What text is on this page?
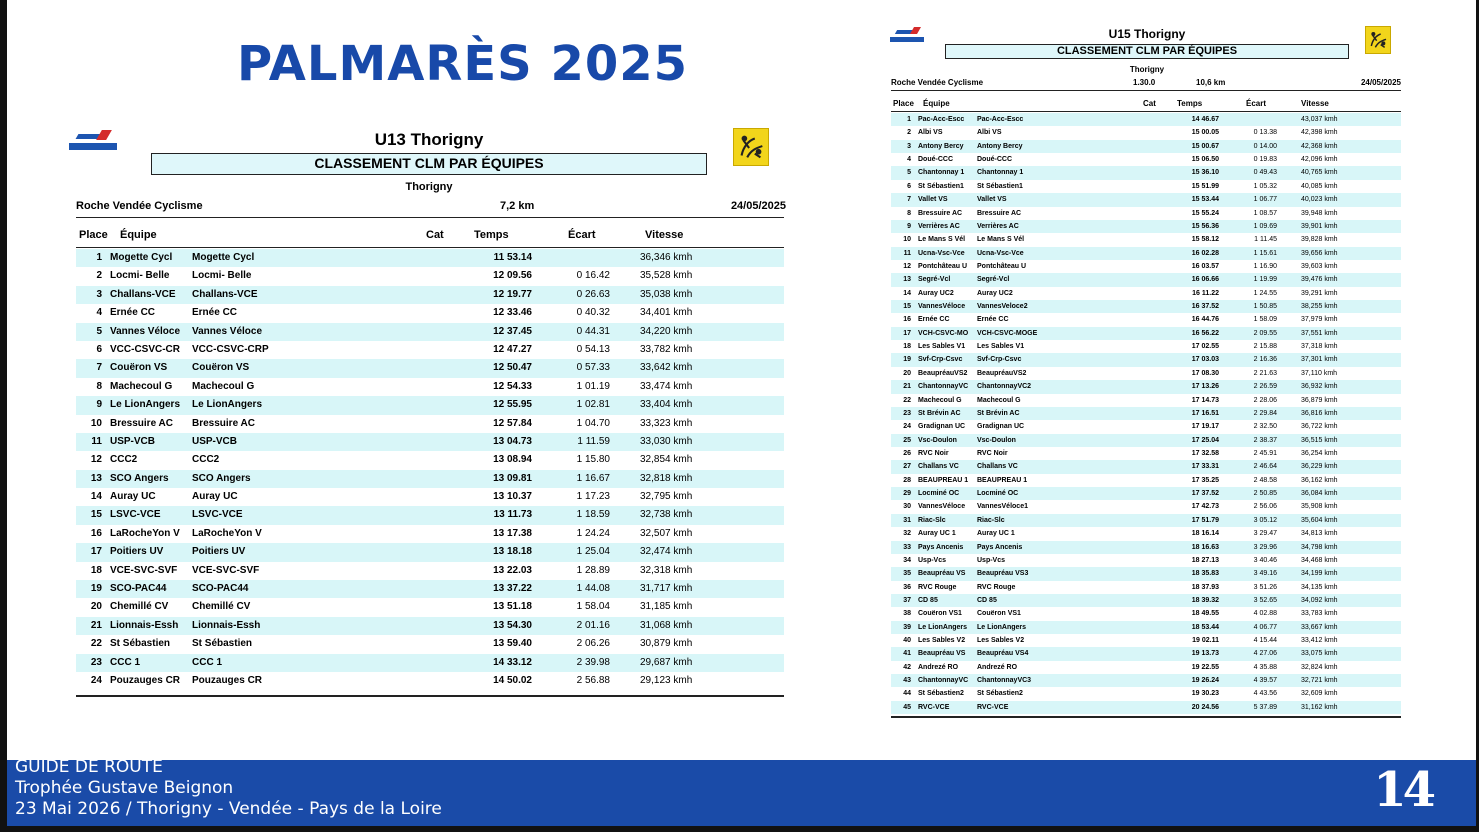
PALMARÈS 2025
U13 Thorigny
CLASSEMENT CLM PAR ÉQUIPES
Thorigny
Roche Vendée Cyclisme	7,2 km	24/05/2025
Place Équipe	Cat	Temps	Écart	Vitesse
1 Mogette Cycl Mogette Cycl	11 53.14	36,346 kmh
2 Locmi- Belle Locmi- Belle	12 09.56	0 16.42	35,528 kmh
3 Challans-VCE Challans-VCE	12 19.77	0 26.63	35,038 kmh
4 Ernée CC	Ernée CC	12 33.46	0 40.32	34,401 kmh
5 Vannes Véloce Vannes Véloce	12 37.45	0 44.31	34,220 kmh
6 VCC-CSVC-CR VCC-CSVC-CRP	12 47.27	0 54.13	33,782 kmh
7 Couëron VS Couëron VS	12 50.47	0 57.33	33,642 kmh
8 Machecoul G Machecoul G	12 54.33	1 01.19	33,474 kmh
9 Le LionAngers Le LionAngers	12 55.95	1 02.81	33,404 kmh
10 Bressuire AC Bressuire AC	12 57.84	1 04.70	33,323 kmh
11 USP-VCB	USP-VCB	13 04.73	1 11.59	33,030 kmh
12 CCC2	CCC2	13 08.94	1 15.80	32,854 kmh
13 SCO Angers SCO Angers	13 09.81	1 16.67	32,818 kmh
14 Auray UC	Auray UC	13 10.37	1 17.23	32,795 kmh
15 LSVC-VCE	LSVC-VCE	13 11.73	1 18.59	32,738 kmh
16 LaRocheYon V LaRocheYon V	13 17.38	1 24.24	32,507 kmh
17 Poitiers UV	Poitiers UV	13 18.18	1 25.04	32,474 kmh
18 VCE-SVC-SVF VCE-SVC-SVF	13 22.03	1 28.89	32,318 kmh
19 SCO-PAC44	SCO-PAC44	13 37.22	1 44.08	31,717 kmh
20 Chemillé CV Chemillé CV	13 51.18	1 58.04	31,185 kmh
21 Lionnais-Essh Lionnais-Essh	13 54.30	2 01.16	31,068 kmh
22 St Sébastien St Sébastien	13 59.40	2 06.26	30,879 kmh
23 CCC 1	CCC 1	14 33.12	2 39.98	29,687 kmh
24 Pouzauges CR Pouzauges CR	14 50.02	2 56.88	29,123 kmh
U15 Thorigny
CLASSEMENT CLM PAR ÉQUIPES
Thorigny
Roche Vendée Cyclisme	1.30.0	10,6 km	24/05/2025
Place Équipe	Cat	Temps	Écart	Vitesse
1 Pac-Acc-Escc Pac-Acc-Escc	14 46.67	43,037 kmh
2 Albi VS	Albi VS	15 00.05	0 13.38	42,398 kmh
3 Antony Bercy Antony Bercy	15 00.67	0 14.00	42,368 kmh
4 Doué-CCC	Doué-CCC	15 06.50	0 19.83	42,096 kmh
5 Chantonnay 1 Chantonnay 1	15 36.10	0 49.43	40,765 kmh
6 St Sébastien1 St Sébastien1	15 51.99	1 05.32	40,085 kmh
7 Vallet VS	Vallet VS	15 53.44	1 06.77	40,023 kmh
8 Bressuire AC Bressuire AC	15 55.24	1 08.57	39,948 kmh
9 Verrières AC Verrières AC	15 56.36	1 09.69	39,901 kmh
10 Le Mans S Vél Le Mans S Vél	15 58.12	1 11.45	39,828 kmh
11 Ucna-Vsc-Vce Ucna-Vsc-Vce	16 02.28	1 15.61	39,656 kmh
12 Pontchâteau U Pontchâteau U	16 03.57	1 16.90	39,603 kmh
13 Segré-Vcl	Segré-Vcl	16 06.66	1 19.99	39,476 kmh
14 Auray UC2	Auray UC2	16 11.22	1 24.55	39,291 kmh
15 VannesVéloce VannesVeloce2	16 37.52	1 50.85	38,255 kmh
16 Ernée CC	Ernée CC	16 44.76	1 58.09	37,979 kmh
17 VCH-CSVC-MO VCH-CSVC-MOGE	16 56.22	2 09.55	37,551 kmh
18 Les Sables V1 Les Sables V1	17 02.55	2 15.88	37,318 kmh
19 Svf-Crp-Csvc Svf-Crp-Csvc	17 03.03	2 16.36	37,301 kmh
20 BeaupréauVS2 BeaupréauVS2	17 08.30	2 21.63	37,110 kmh
21 ChantonnayVC ChantonnayVC2	17 13.26	2 26.59	36,932 kmh
22 Machecoul G Machecoul G	17 14.73	2 28.06	36,879 kmh
23 St Brévin AC St Brévin AC	17 16.51	2 29.84	36,816 kmh
24 Gradignan UC Gradignan UC	17 19.17	2 32.50	36,722 kmh
25 Vsc-Doulon	Vsc-Doulon	17 25.04	2 38.37	36,515 kmh
26 RVC Noir	RVC Noir	17 32.58	2 45.91	36,254 kmh
27 Challans VC	Challans VC	17 33.31	2 46.64	36,229 kmh
28 BEAUPREAU 1 BEAUPREAU 1	17 35.25	2 48.58	36,162 kmh
29 Locminé OC	Locminé OC	17 37.52	2 50.85	36,084 kmh
30 VannesVéloce VannesVéloce1	17 42.73	2 56.06	35,908 kmh
31 Riac-Slc	Riac-Slc	17 51.79	3 05.12	35,604 kmh
32 Auray UC 1	Auray UC 1	18 16.14	3 29.47	34,813 kmh
33 Pays Ancenis Pays Ancenis	18 16.63	3 29.96	34,798 kmh
34 Usp-Vcs	Usp-Vcs	18 27.13	3 40.46	34,468 kmh
35 Beaupréau VS Beaupréau VS3	18 35.83	3 49.16	34,199 kmh
36 RVC Rouge	RVC Rouge	18 37.93	3 51.26	34,135 kmh
37 CD 85	CD 85	18 39.32	3 52.65	34,092 kmh
38 Couëron VS1 Couëron VS1	18 49.55	4 02.88	33,783 kmh
39 Le LionAngers Le LionAngers	18 53.44	4 06.77	33,667 kmh
40 Les Sables V2 Les Sables V2	19 02.11	4 15.44	33,412 kmh
41 Beaupréau VS Beaupréau VS4	19 13.73	4 27.06	33,075 kmh
42 Andrezé RO	Andrezé RO	19 22.55	4 35.88	32,824 kmh
43 ChantonnayVC ChantonnayVC3	19 26.24	4 39.57	32,721 kmh
44 St Sébastien2 St Sébastien2	19 30.23	4 43.56	32,609 kmh
45 RVC-VCE	RVC-VCE	20 24.56	5 37.89	31,162 kmh
GUIDE DE ROUTE
Trophée Gustave Beignon
23 Mai 2026 / Thorigny - Vendée - Pays de la Loire	14
